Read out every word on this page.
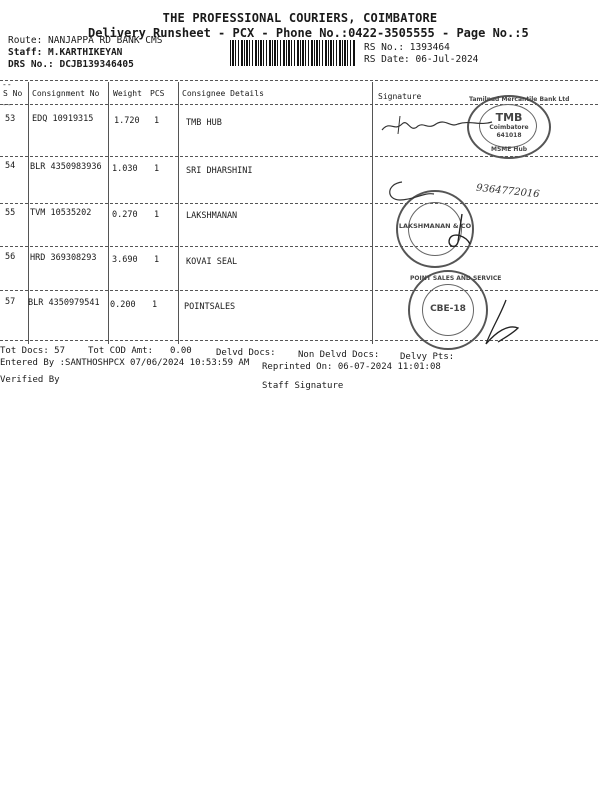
THE PROFESSIONAL COURIERS, COIMBATORE
Delivery Runsheet - PCX - Phone No.:0422-3505555 - Page No.:5
Route: NANJAPPA RD BANK CMS
Staff: M.KARTHIKEYAN
DRS No.: DCJB139346405
RS No.: 1393464
RS Date: 06-Jul-2024
--
--
S No Consignment No Weight PCS Consignee Details	Signature
53 EDQ 10919315 1.720 1	TMB HUB
54 BLR 4350983936 1.030 1	SRI DHARSHINI
55 TVM 10535202 0.270 1	LAKSHMANAN
56 HRD 369308293 3.690 1	KOVAI SEAL
57 BLR 4350979541 0.200 1	POINTSALES
Tamilnad Mercantile Bank Ltd
TMB
Coimbatore
641018
MSME Hub
LAKSHMANAN & CO
9364772016
POINT SALES AND SERVICE
CBE-18
Tot Docs: 57	Tot COD Amt: 0.00	Delvd Docs: Non Delvd Docs: Delvy Pts:
Entered By :SANTHOSHPCX 07/06/2024 10:53:59 AM Reprinted On: 06-07-2024 11:01:08
Verified By
Staff Signature
